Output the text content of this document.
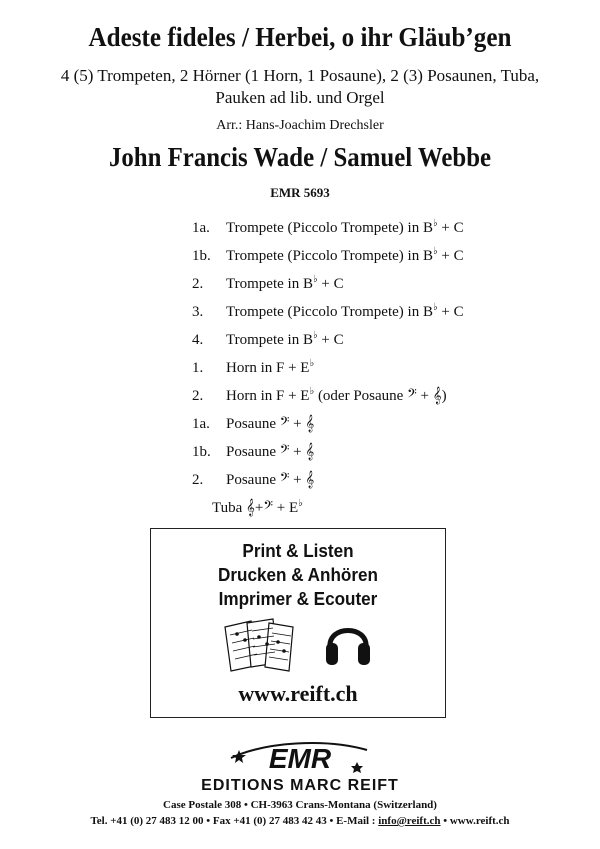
Adeste fideles / Herbei, o ihr Gläub’gen
4 (5) Trompeten, 2 Hörner (1 Horn, 1 Posaune), 2 (3) Posaunen, Tuba,
Pauken ad lib. und Orgel
Arr.: Hans-Joachim Drechsler
John Francis Wade / Samuel Webbe
EMR 5693
1a. Trompete (Piccolo Trompete) in B♭ + C
1b. Trompete (Piccolo Trompete) in B♭ + C
2. Trompete in B♭ + C
3. Trompete (Piccolo Trompete) in B♭ + C
4. Trompete in B♭ + C
1. Horn in F + E♭
2. Horn in F + E♭ (oder Posaune 𝄢 + 𝄞)
1a. Posaune 𝄢 + 𝄞
1b. Posaune 𝄢 + 𝄞
2. Posaune 𝄢 + 𝄞
Tuba 𝄞+𝄢 + E♭
Print & Listen
Drucken & Anhören
Imprimer & Ecouter
www.reift.ch
EMR
EDITIONS MARC REIFT
Case Postale 308 • CH-3963 Crans-Montana (Switzerland)
Tel. +41 (0) 27 483 12 00 • Fax +41 (0) 27 483 42 43 • E-Mail : info@reift.ch • www.reift.ch
